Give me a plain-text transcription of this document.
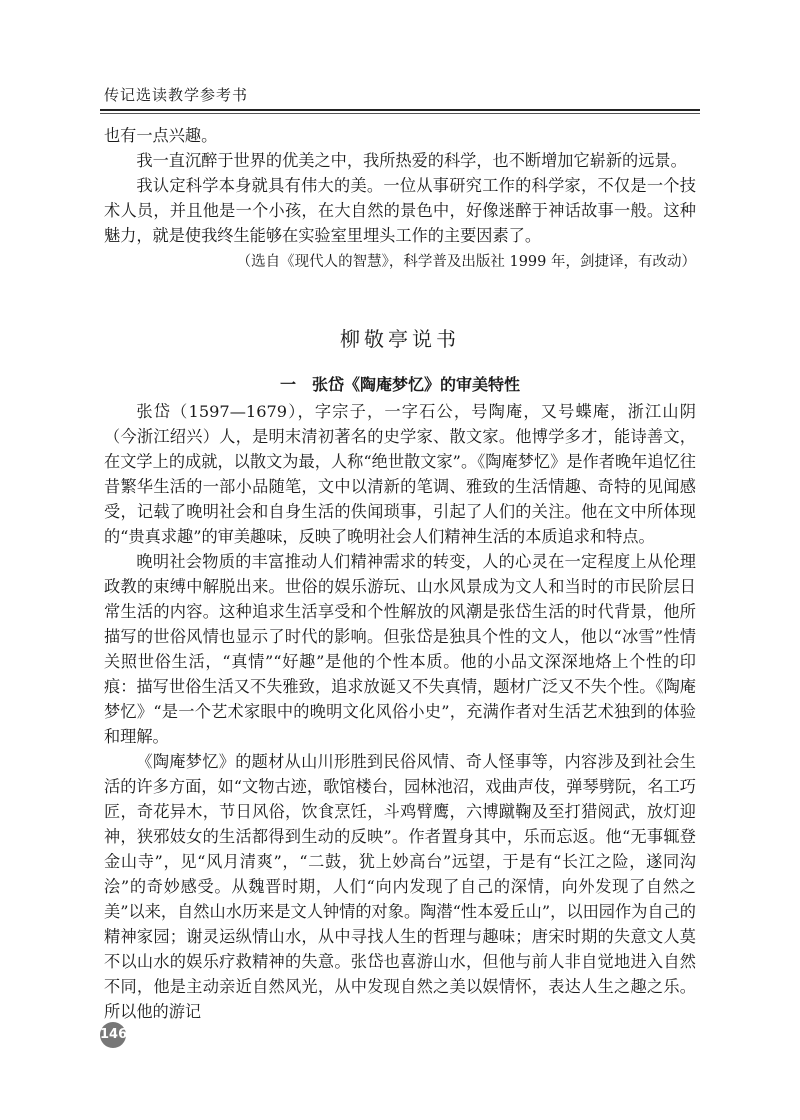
传记选读教学参考书

也有一点兴趣。

我一直沉醉于世界的优美之中，我所热爱的科学，也不断增加它崭新的远景。

我认定科学本身就具有伟大的美。一位从事研究工作的科学家，不仅是一个技术人员，并且他是一个小孩，在大自然的景色中，好像迷醉于神话故事一般。这种魅力，就是使我终生能够在实验室里埋头工作的主要因素了。

（选自《现代人的智慧》，科学普及出版社 1999 年，剑捷译，有改动）

柳敬亭说书

一　张岱《陶庵梦忆》的审美特性

张岱（1597—1679），字宗子，一字石公，号陶庵，又号蝶庵，浙江山阴（今浙江绍兴）人，是明末清初著名的史学家、散文家。他博学多才，能诗善文，在文学上的成就，以散文为最，人称“绝世散文家”。《陶庵梦忆》是作者晚年追忆往昔繁华生活的一部小品随笔，文中以清新的笔调、雅致的生活情趣、奇特的见闻感受，记载了晚明社会和自身生活的佚闻琐事，引起了人们的关注。他在文中所体现的“贵真求趣”的审美趣味，反映了晚明社会人们精神生活的本质追求和特点。

晚明社会物质的丰富推动人们精神需求的转变，人的心灵在一定程度上从伦理政教的束缚中解脱出来。世俗的娱乐游玩、山水风景成为文人和当时的市民阶层日常生活的内容。这种追求生活享受和个性解放的风潮是张岱生活的时代背景，他所描写的世俗风情也显示了时代的影响。但张岱是独具个性的文人，他以“冰雪”性情关照世俗生活，“真情”“好趣”是他的个性本质。他的小品文深深地烙上个性的印痕：描写世俗生活又不失雅致，追求放诞又不失真情，题材广泛又不失个性。《陶庵梦忆》“是一个艺术家眼中的晚明文化风俗小史”，充满作者对生活艺术独到的体验和理解。

《陶庵梦忆》的题材从山川形胜到民俗风情、奇人怪事等，内容涉及到社会生活的许多方面，如“文物古迹，歌馆楼台，园林池沼，戏曲声伎，弹琴劈阮，名工巧匠，奇花异木，节日风俗，饮食烹饪，斗鸡臂鹰，六博蹴鞠及至打猎阅武，放灯迎神，狭邪妓女的生活都得到生动的反映”。作者置身其中，乐而忘返。他“无事辄登金山寺”，见“风月清爽”，“二鼓，犹上妙高台”远望，于是有“长江之险，遂同沟浍”的奇妙感受。从魏晋时期，人们“向内发现了自己的深情，向外发现了自然之美”以来，自然山水历来是文人钟情的对象。陶潜“性本爱丘山”，以田园作为自己的精神家园；谢灵运纵情山水，从中寻找人生的哲理与趣味；唐宋时期的失意文人莫不以山水的娱乐疗救精神的失意。张岱也喜游山水，但他与前人非自觉地进入自然不同，他是主动亲近自然风光，从中发现自然之美以娱情怀，表达人生之趣之乐。所以他的游记

146
